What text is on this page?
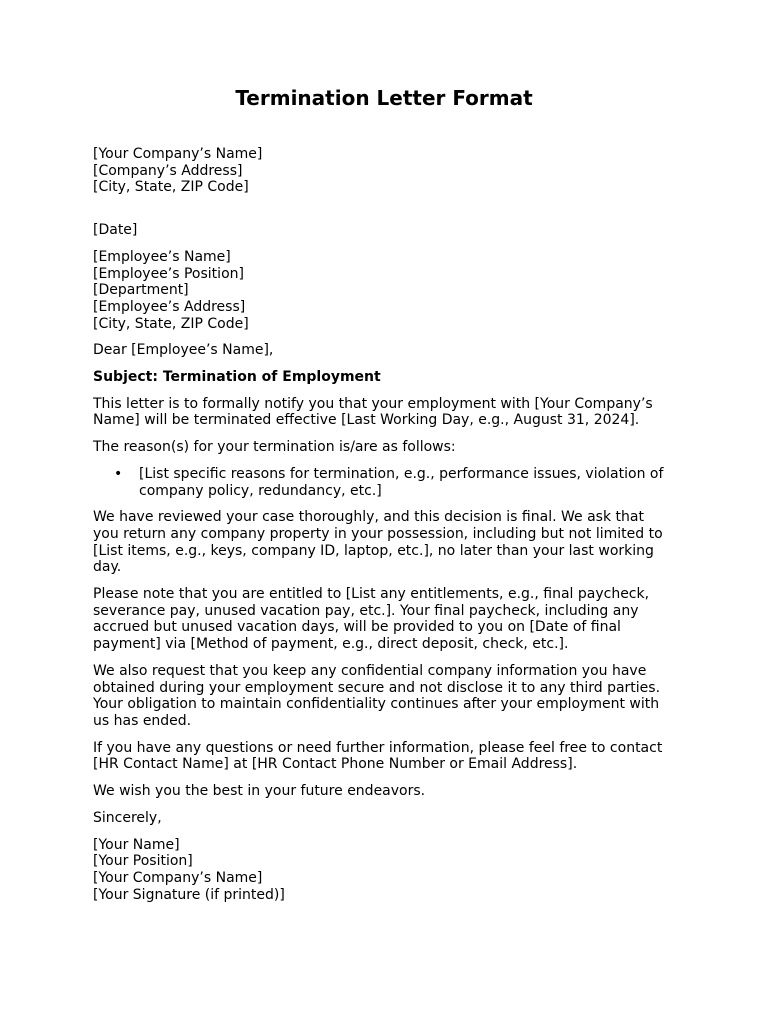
Termination Letter Format
[Your Company’s Name]
[Company’s Address]
[City, State, ZIP Code]
[Date]
[Employee’s Name]
[Employee’s Position]
[Department]
[Employee’s Address]
[City, State, ZIP Code]
Dear [Employee’s Name],
Subject: Termination of Employment
This letter is to formally notify you that your employment with [Your Company’s
Name] will be terminated effective [Last Working Day, e.g., August 31, 2024].
The reason(s) for your termination is/are as follows:
• [List specific reasons for termination, e.g., performance issues, violation of
company policy, redundancy, etc.]
We have reviewed your case thoroughly, and this decision is final. We ask that
you return any company property in your possession, including but not limited to
[List items, e.g., keys, company ID, laptop, etc.], no later than your last working
day.
Please note that you are entitled to [List any entitlements, e.g., final paycheck,
severance pay, unused vacation pay, etc.]. Your final paycheck, including any
accrued but unused vacation days, will be provided to you on [Date of final
payment] via [Method of payment, e.g., direct deposit, check, etc.].
We also request that you keep any confidential company information you have
obtained during your employment secure and not disclose it to any third parties.
Your obligation to maintain confidentiality continues after your employment with
us has ended.
If you have any questions or need further information, please feel free to contact
[HR Contact Name] at [HR Contact Phone Number or Email Address].
We wish you the best in your future endeavors.
Sincerely,
[Your Name]
[Your Position]
[Your Company’s Name]
[Your Signature (if printed)]
